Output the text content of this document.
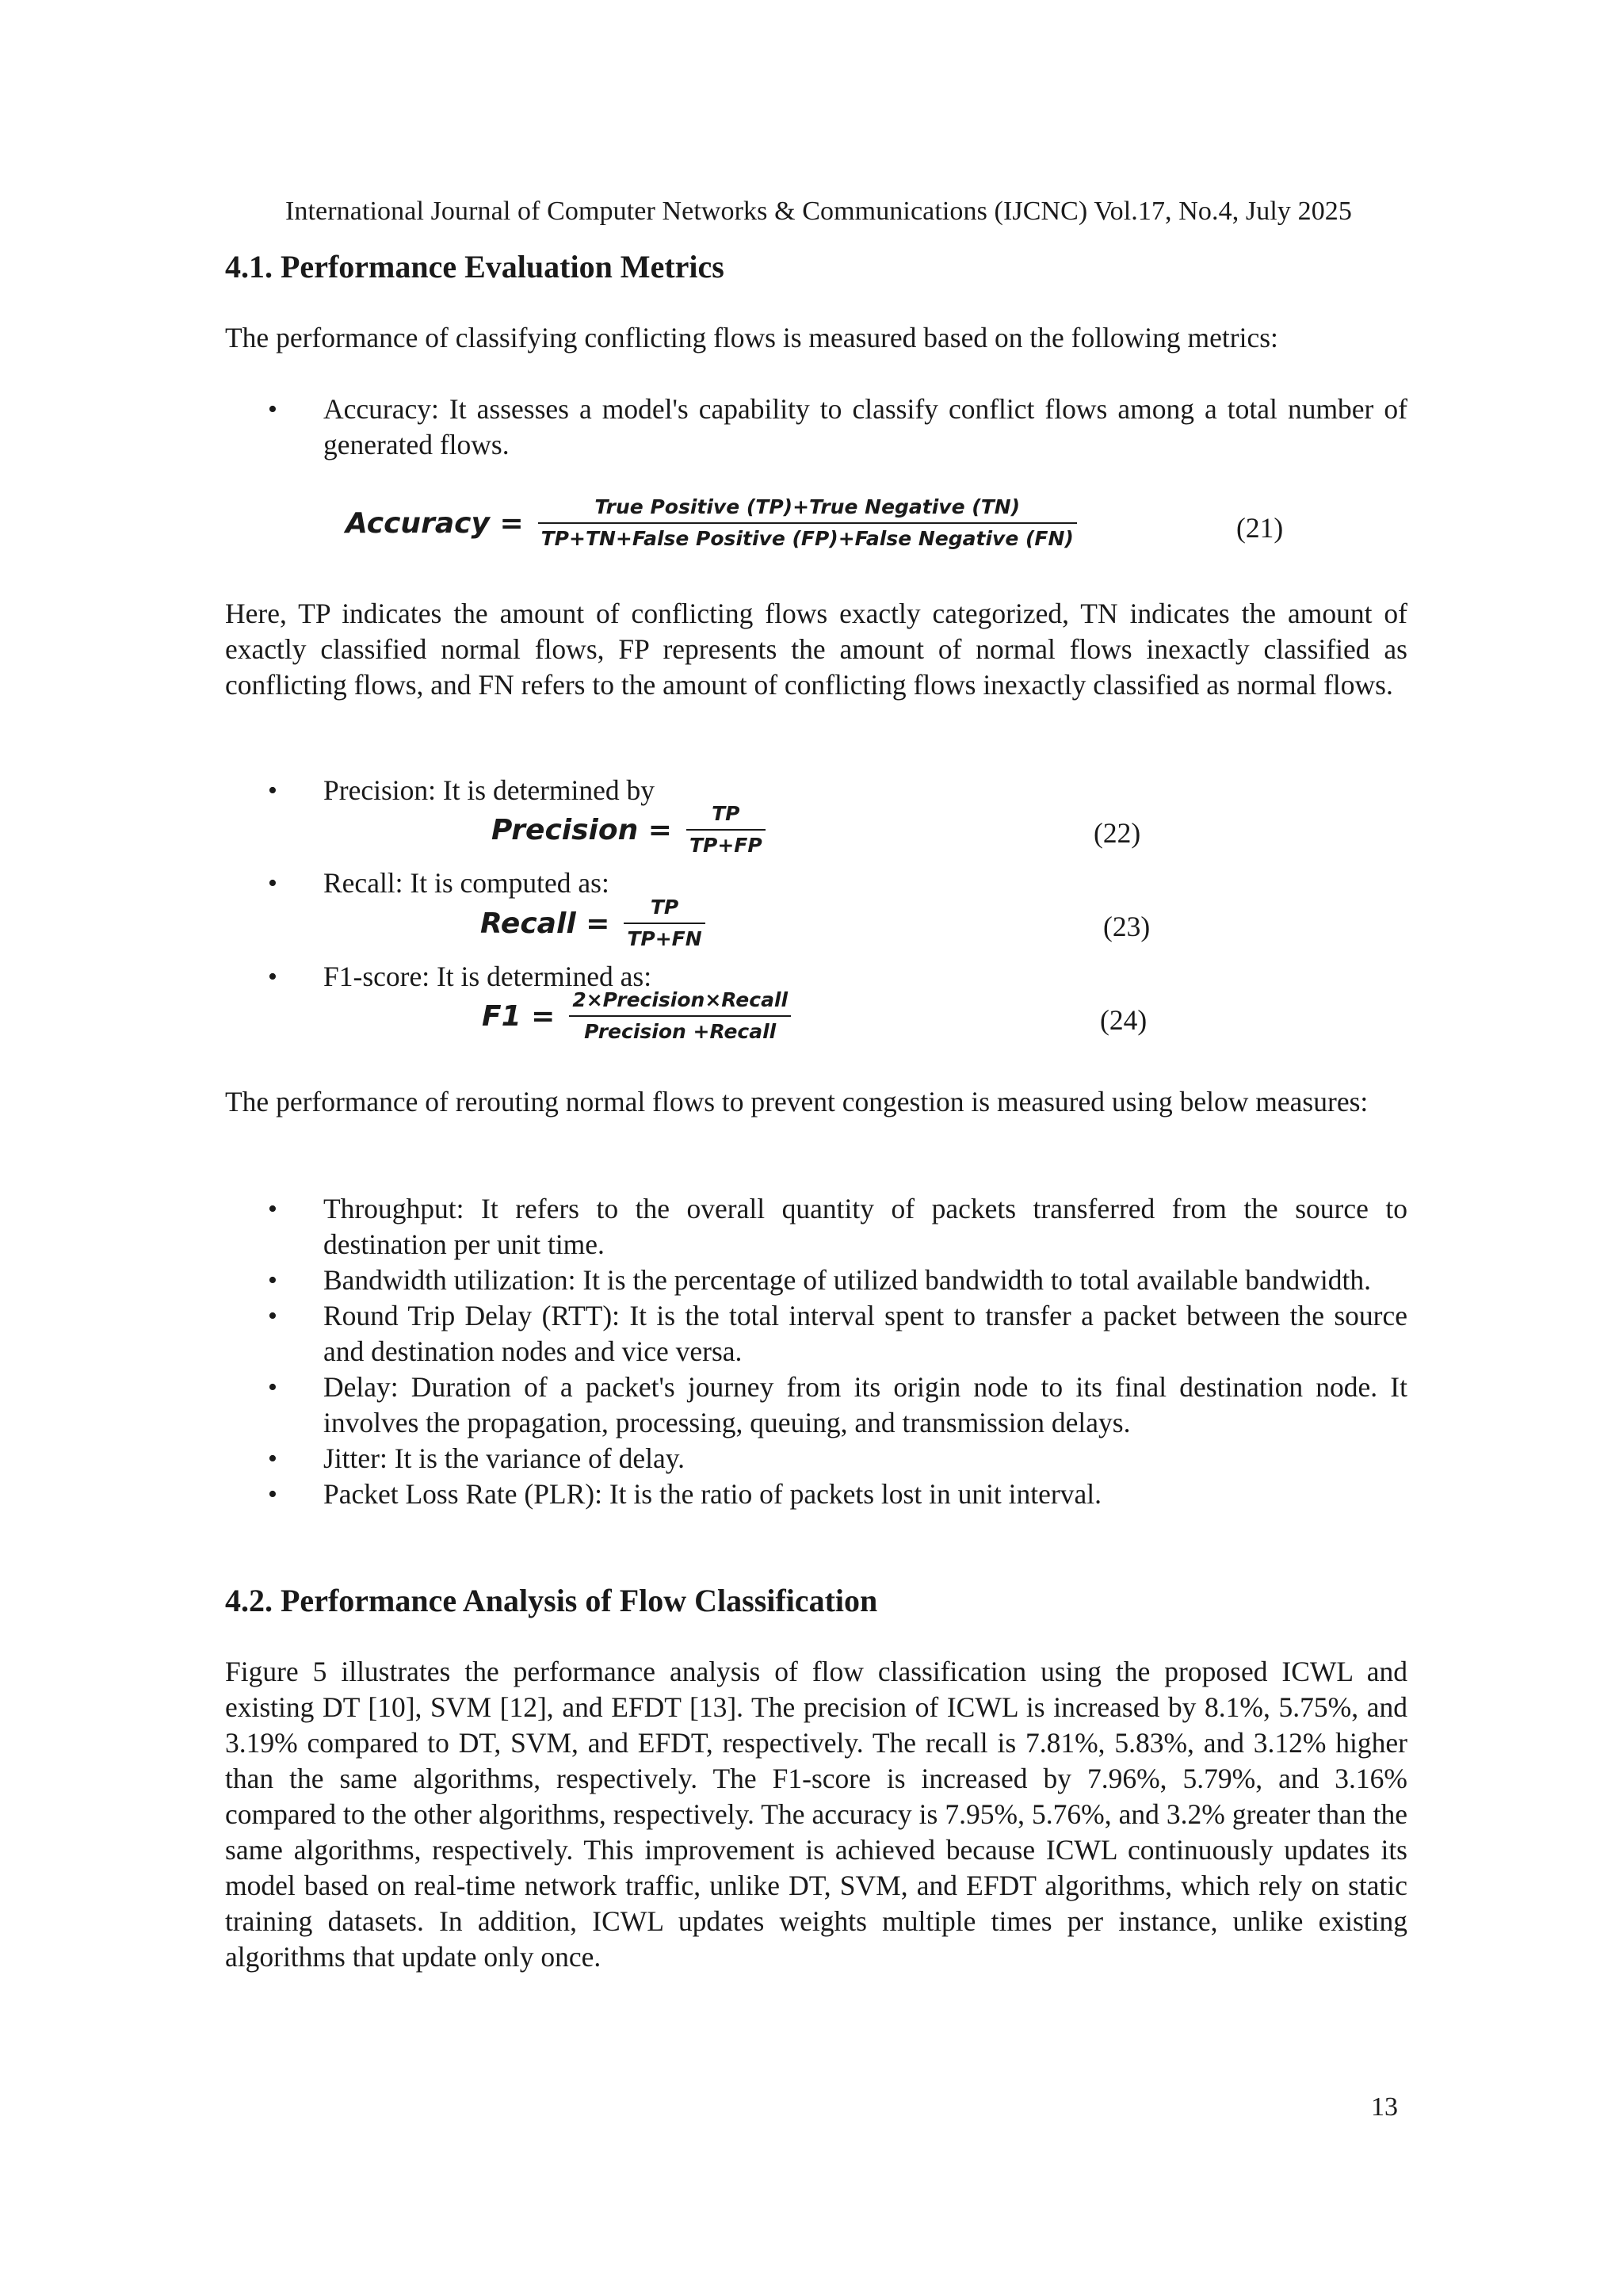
International Journal of Computer Networks & Communications (IJCNC) Vol.17, No.4, July 2025
4.1. Performance Evaluation Metrics
The performance of classifying conflicting flows is measured based on the following metrics:
• Accuracy: It assesses a model's capability to classify conflict flows among a total number of generated flows.
Accuracy = $\frac{\text{True Positive (TP)+True Negative (TN)}}{\text{TP+TN+False Positive (FP)+False Negative (FN)}}$	(21)
Here, TP indicates the amount of conflicting flows exactly categorized, TN indicates the amount of exactly classified normal flows, FP represents the amount of normal flows inexactly classified as conflicting flows, and FN refers to the amount of conflicting flows inexactly classified as normal flows.
• Precision: It is determined by
Precision = $\frac{TP}{TP+FP}$	(22)
• Recall: It is computed as:
Recall = $\frac{TP}{TP+FN}$	(23)
• F1-score: It is determined as:
$F1 = \frac{\text{2×Precision×Recall}}{\text{Precision +Recall}}$	(24)
The performance of rerouting normal flows to prevent congestion is measured using below measures:
• Throughput: It refers to the overall quantity of packets transferred from the source to destination per unit time.
• Bandwidth utilization: It is the percentage of utilized bandwidth to total available bandwidth.
• Round Trip Delay (RTT): It is the total interval spent to transfer a packet between the source and destination nodes and vice versa.
• Delay: Duration of a packet's journey from its origin node to its final destination node. It involves the propagation, processing, queuing, and transmission delays.
• Jitter: It is the variance of delay.
• Packet Loss Rate (PLR): It is the ratio of packets lost in unit interval.
4.2. Performance Analysis of Flow Classification
Figure 5 illustrates the performance analysis of flow classification using the proposed ICWL and existing DT [10], SVM [12], and EFDT [13]. The precision of ICWL is increased by 8.1%, 5.75%, and 3.19% compared to DT, SVM, and EFDT, respectively. The recall is 7.81%, 5.83%, and 3.12% higher than the same algorithms, respectively. The F1-score is increased by 7.96%, 5.79%, and 3.16% compared to the other algorithms, respectively. The accuracy is 7.95%, 5.76%, and 3.2% greater than the same algorithms, respectively. This improvement is achieved because ICWL continuously updates its model based on real-time network traffic, unlike DT, SVM, and EFDT algorithms, which rely on static training datasets. In addition, ICWL updates weights multiple times per instance, unlike existing algorithms that update only once.
13
